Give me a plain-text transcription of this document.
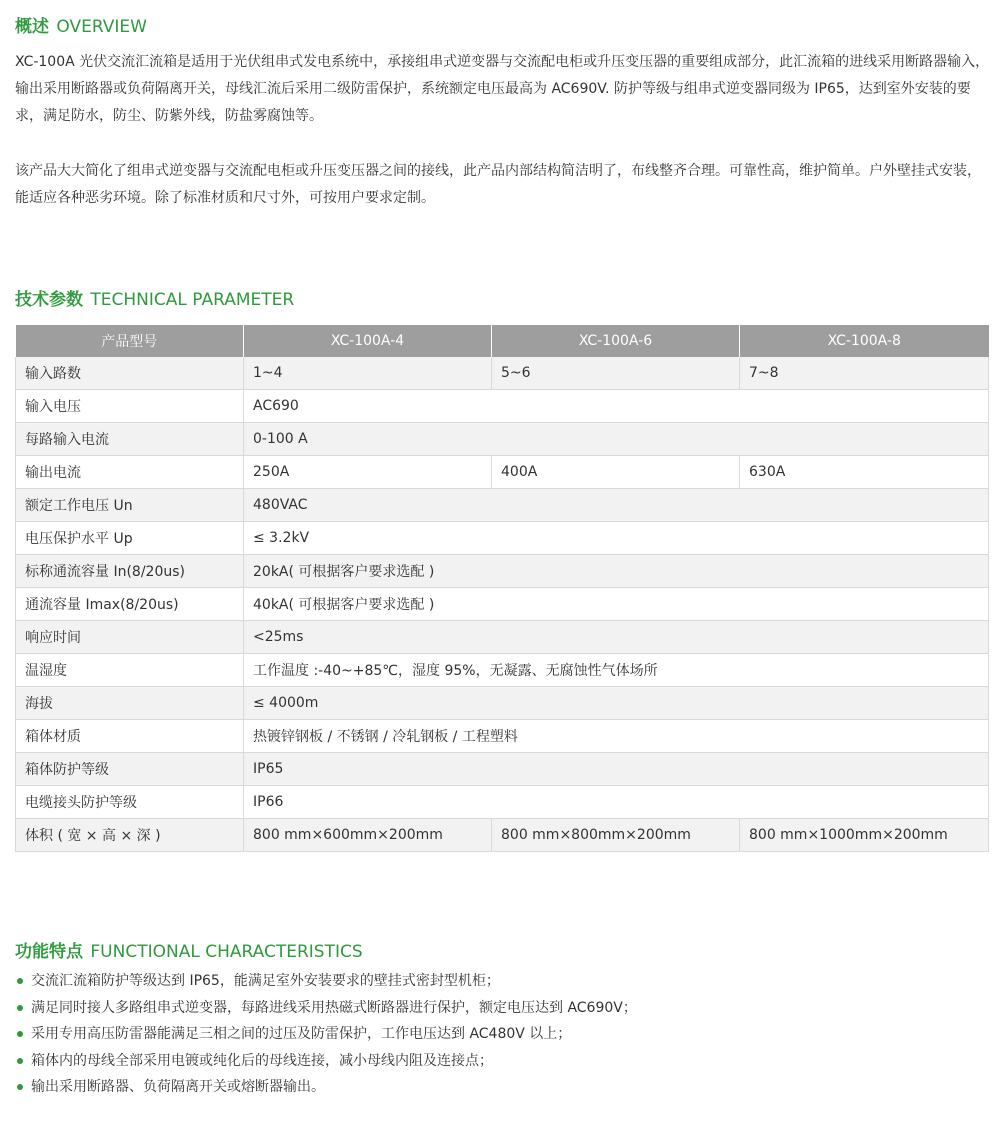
概述 OVERVIEW

XC-100A 光伏交流汇流箱是适用于光伏组串式发电系统中，承接组串式逆变器与交流配电柜或升压变压器的重要组成部分，此汇流箱的进线采用断路器输入，输出采用断路器或负荷隔离开关，母线汇流后采用二级防雷保护，系统额定电压最高为 AC690V. 防护等级与组串式逆变器同级为 IP65，达到室外安装的要求，满足防水，防尘、防紫外线，防盐雾腐蚀等。

该产品大大简化了组串式逆变器与交流配电柜或升压变压器之间的接线，此产品内部结构简洁明了，布线整齐合理。可靠性高，维护简单。户外壁挂式安装，能适应各种恶劣环境。除了标准材质和尺寸外，可按用户要求定制。

技术参数 TECHNICAL PARAMETER
产品型号	XC-100A-4	XC-100A-6	XC-100A-8
输入路数	1~4	5~6	7~8
输入电压	AC690		
每路输入电流	0-100 A		
输出电流	250A	400A	630A
额定工作电压 Un	480VAC		
电压保护水平 Up	≤ 3.2kV		
标称通流容量 In(8/20us)	20kA( 可根据客户要求选配 )		
通流容量 Imax(8/20us)	40kA( 可根据客户要求选配 )		
响应时间	<25ms		
温湿度	工作温度 :-40~+85℃，湿度 95%，无凝露、无腐蚀性气体场所		
海拔	≤ 4000m		
箱体材质	热镀锌钢板 / 不锈钢 / 冷轧钢板 / 工程塑料		
箱体防护等级	IP65		
电缆接头防护等级	IP66		
体积 ( 宽 × 高 × 深 )	800 mm×600mm×200mm	800 mm×800mm×200mm	800 mm×1000mm×200mm
功能特点 FUNCTIONAL CHARACTERISTICS
交流汇流箱防护等级达到 IP65，能满足室外安装要求的壁挂式密封型机柜；
满足同时接人多路组串式逆变器，每路进线采用热磁式断路器进行保护，额定电压达到 AC690V；
采用专用高压防雷器能满足三相之间的过压及防雷保护，工作电压达到 AC480V 以上；
箱体内的母线全部采用电镀或纯化后的母线连接，减小母线内阻及连接点；
输出采用断路器、负荷隔离开关或熔断器输出。
